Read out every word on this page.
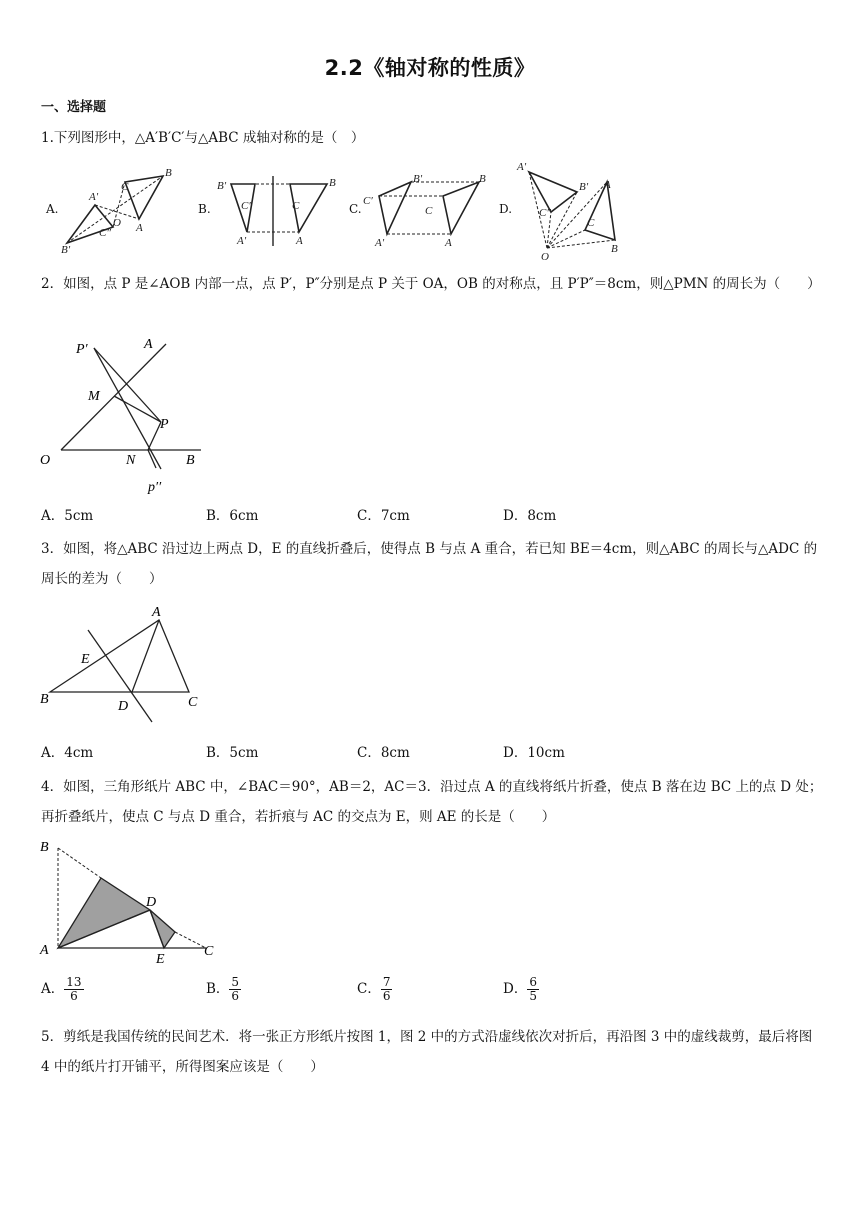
2.2《轴对称的性质》
一、选择题
1.下列图形中，△A′B′C′与△ABC 成轴对称的是（　）
A.	B.	C.	D.
A′
B
C
O A
B′
C″
B′	B
C′	C
A′	A
C′
B′	B
C
A′	A
A′
B′ A
C″
C
B
O
2．如图，点 P 是∠AOB 内部一点，点 P′，P″分别是点 P 关于 OA，OB 的对称点，且 P′P″＝8cm，则△PMN 的周长为（　　）
P′	A
M
P
O	N	B
p′′
A．5cm	B．6cm	C．7cm	D．8cm
3．如图，将△ABC 沿过边上两点 D，E 的直线折叠后，使得点 B 与点 A 重合，若已知 BE＝4cm，则△ABC 的周长与△ADC 的周长的差为（　　）
A
E
B	D	C
A．4cm	B．5cm	C．8cm	D．10cm
4．如图，三角形纸片 ABC 中，∠BAC＝90°，AB＝2，AC＝3．沿过点 A 的直线将纸片折叠，使点 B 落在边 BC 上的点 D 处；再折叠纸片，使点 C 与点 D 重合，若折痕与 AC 的交点为 E，则 AE 的长是（　　）
B
D
A
E
C
A． $\frac{13}{6}$	B． $\frac{5}{6}$	C． $\frac{7}{6}$	D． $\frac{6}{5}$
5．剪纸是我国传统的民间艺术．将一张正方形纸片按图 1，图 2 中的方式沿虚线依次对折后，再沿图 3 中的虚线裁剪，最后将图 4 中的纸片打开铺平，所得图案应该是（　　）
